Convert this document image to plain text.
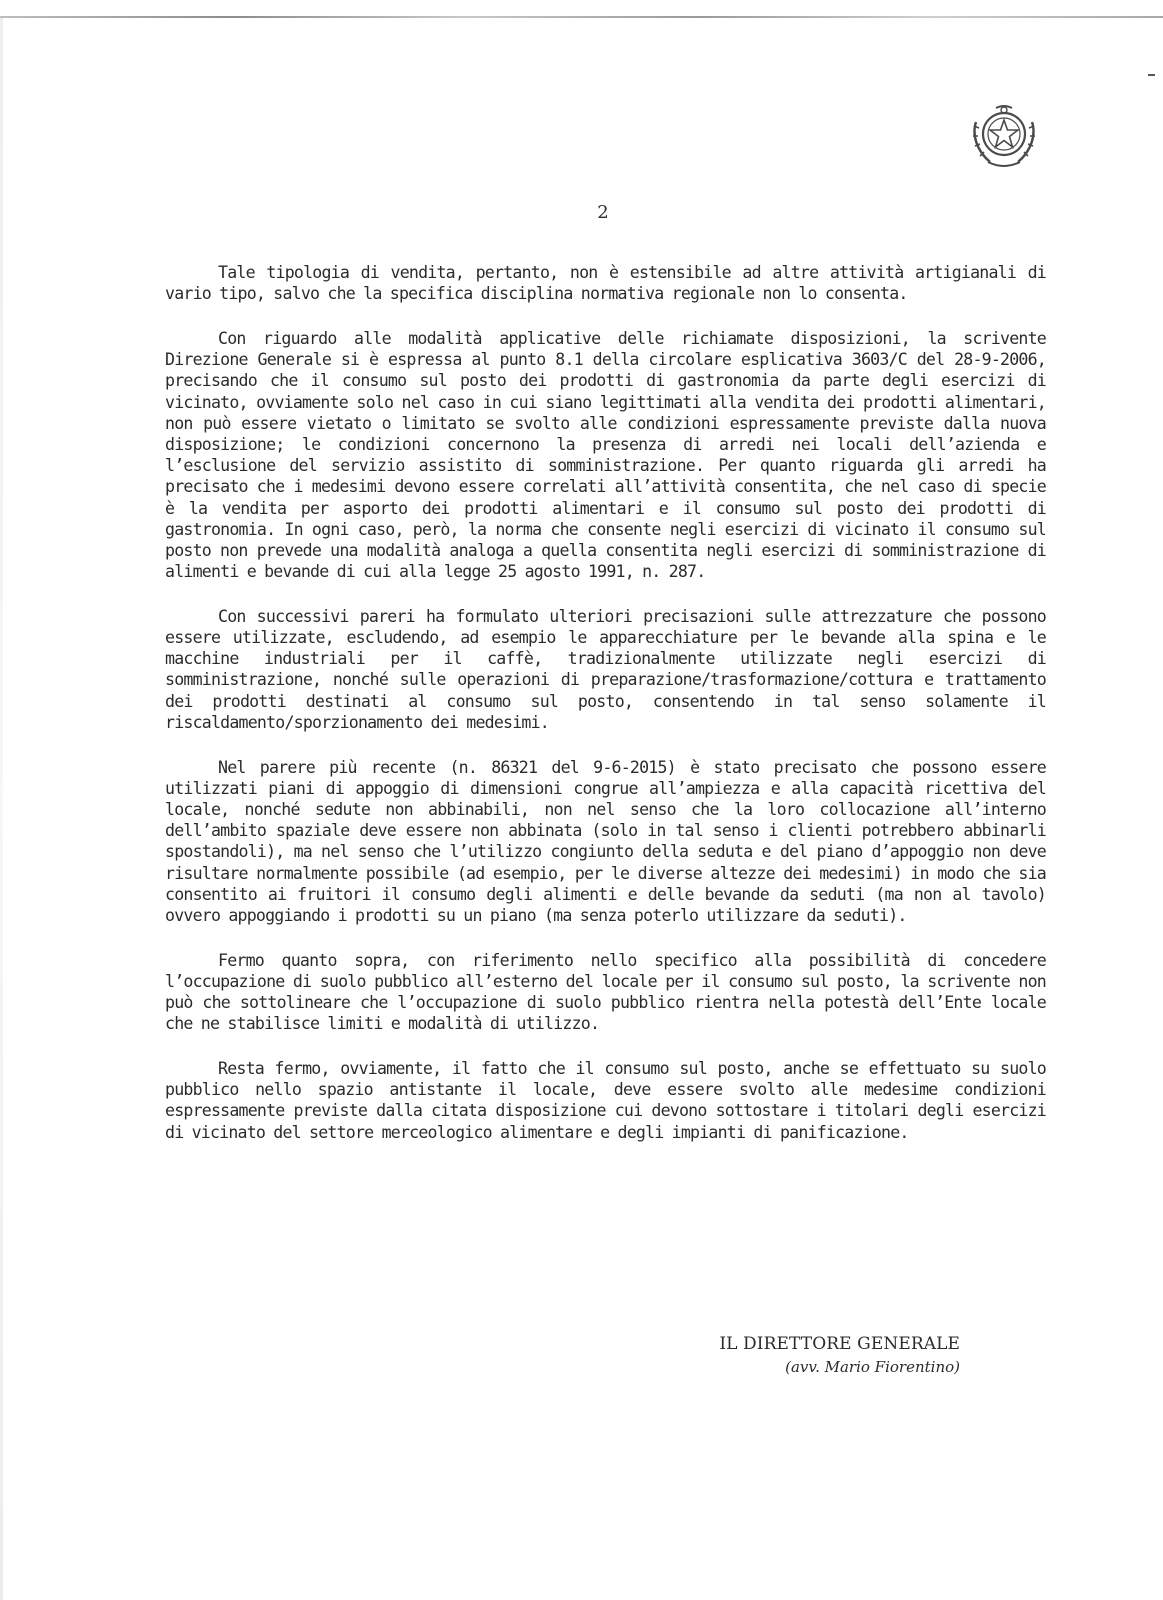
2

Tale tipologia di vendita, pertanto, non è estensibile ad altre attività artigianali di vario tipo, salvo che la specifica disciplina normativa regionale non lo consenta.

Con riguardo alle modalità applicative delle richiamate disposizioni, la scrivente Direzione Generale si è espressa al punto 8.1 della circolare esplicativa 3603/C del 28-9-2006, precisando che il consumo sul posto dei prodotti di gastronomia da parte degli esercizi di vicinato, ovviamente solo nel caso in cui siano legittimati alla vendita dei prodotti alimentari, non può essere vietato o limitato se svolto alle condizioni espressamente previste dalla nuova disposizione; le condizioni concernono la presenza di arredi nei locali dell’azienda e l’esclusione del servizio assistito di somministrazione. Per quanto riguarda gli arredi ha precisato che i medesimi devono essere correlati all’attività consentita, che nel caso di specie è la vendita per asporto dei prodotti alimentari e il consumo sul posto dei prodotti di gastronomia. In ogni caso, però, la norma che consente negli esercizi di vicinato il consumo sul posto non prevede una modalità analoga a quella consentita negli esercizi di somministrazione di alimenti e bevande di cui alla legge 25 agosto 1991, n. 287.

Con successivi pareri ha formulato ulteriori precisazioni sulle attrezzature che possono essere utilizzate, escludendo, ad esempio le apparecchiature per le bevande alla spina e le macchine industriali per il caffè, tradizionalmente utilizzate negli esercizi di somministrazione, nonché sulle operazioni di preparazione/trasformazione/cottura e trattamento dei prodotti destinati al consumo sul posto, consentendo in tal senso solamente il riscaldamento/sporzionamento dei medesimi.

Nel parere più recente (n. 86321 del 9-6-2015) è stato precisato che possono essere utilizzati piani di appoggio di dimensioni congrue all’ampiezza e alla capacità ricettiva del locale, nonché sedute non abbinabili, non nel senso che la loro collocazione all’interno dell’ambito spaziale deve essere non abbinata (solo in tal senso i clienti potrebbero abbinarli spostandoli), ma nel senso che l’utilizzo congiunto della seduta e del piano d’appoggio non deve risultare normalmente possibile (ad esempio, per le diverse altezze dei medesimi) in modo che sia consentito ai fruitori il consumo degli alimenti e delle bevande da seduti (ma non al tavolo) ovvero appoggiando i prodotti su un piano (ma senza poterlo utilizzare da seduti).

Fermo quanto sopra, con riferimento nello specifico alla possibilità di concedere l’occupazione di suolo pubblico all’esterno del locale per il consumo sul posto, la scrivente non può che sottolineare che l’occupazione di suolo pubblico rientra nella potestà dell’Ente locale che ne stabilisce limiti e modalità di utilizzo.

Resta fermo, ovviamente, il fatto che il consumo sul posto, anche se effettuato su suolo pubblico nello spazio antistante il locale, deve essere svolto alle medesime condizioni espressamente previste dalla citata disposizione cui devono sottostare i titolari degli esercizi di vicinato del settore merceologico alimentare e degli impianti di panificazione.

IL DIRETTORE GENERALE
(avv. Mario Fiorentino)
